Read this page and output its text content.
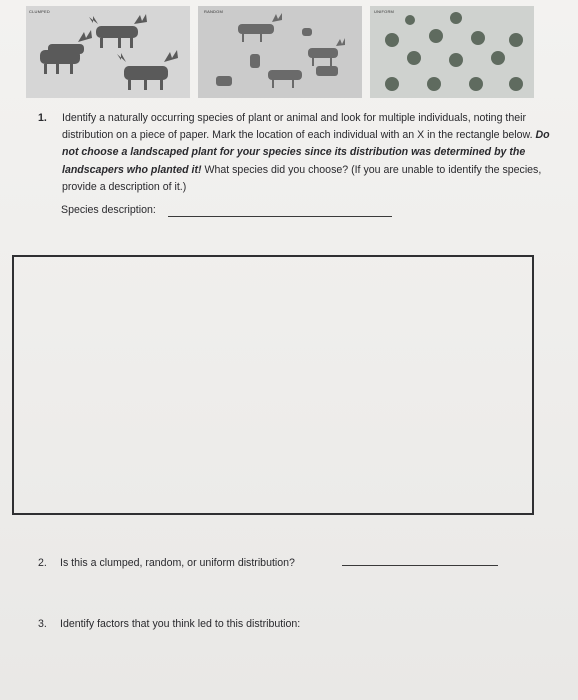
CLUMPED	RANDOM	UNIFORM
1. Identify a naturally occurring species of plant or animal and look for multiple individuals, noting their distribution on a piece of paper. Mark the location of each individual with an X in the rectangle below. Do not choose a landscaped plant for your species since its distribution was determined by the landscapers who planted it! What species did you choose? (If you are unable to identify the species, provide a description of it.)
Species description:
2. Is this a clumped, random, or uniform distribution?
3. Identify factors that you think led to this distribution:
